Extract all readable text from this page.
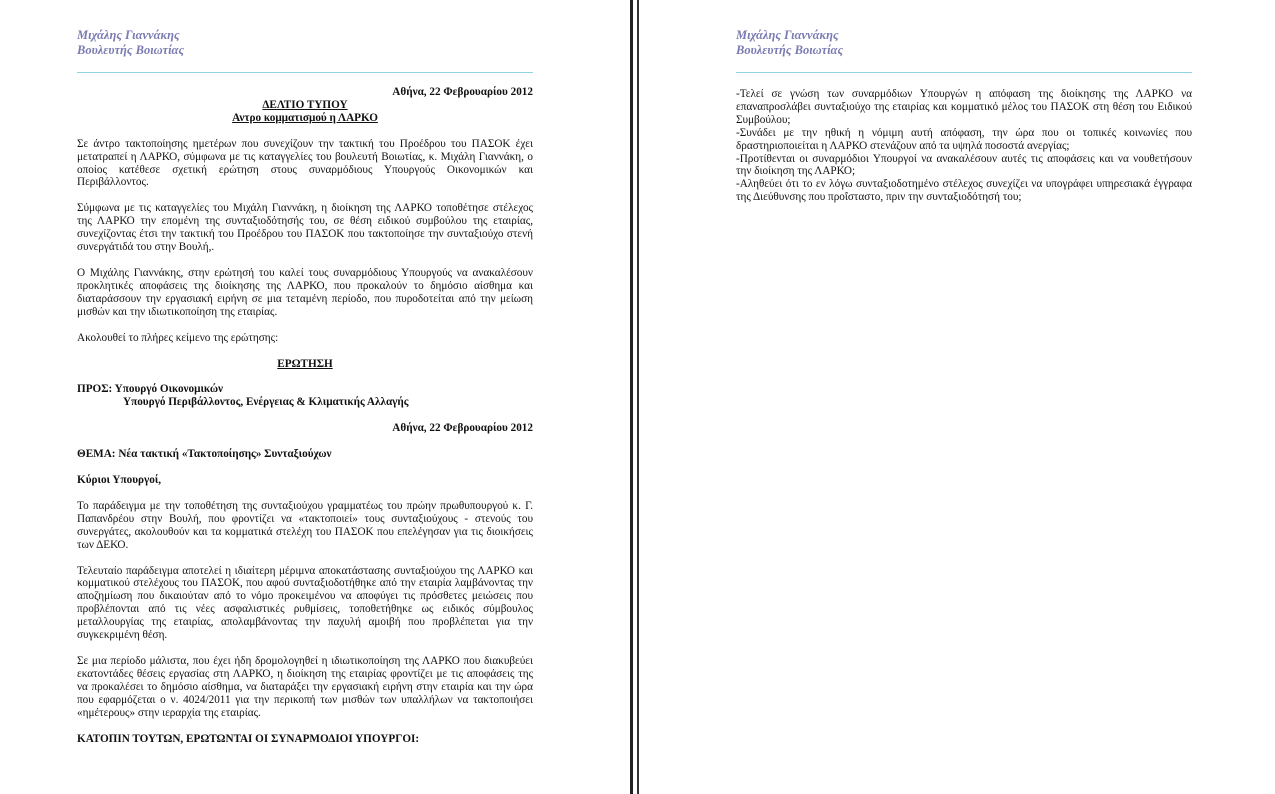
Μιχάλης Γιαννάκης
Βουλευτής Βοιωτίας

Αθήνα, 22 Φεβρουαρίου 2012

ΔΕΛΤΙΟ ΤΥΠΟΥ

Αντρο κομματισμού η ΛΑΡΚΟ

Σε άντρο τακτοποίησης ημετέρων που συνεχίζουν την τακτική του Προέδρου του ΠΑΣΟΚ έχει μετατραπεί η ΛΑΡΚΟ, σύμφωνα με τις καταγγελίες του βουλευτή Βοιωτίας, κ. Μιχάλη Γιαννάκη, ο οποίος κατέθεσε σχετική ερώτηση στους συναρμόδιους Υπουργούς Οικονομικών και Περιβάλλοντος.

Σύμφωνα με τις καταγγελίες του Μιχάλη Γιαννάκη, η διοίκηση της ΛΑΡΚΟ τοποθέτησε στέλεχος της ΛΑΡΚΟ την επομένη της συνταξιοδότησής του, σε θέση ειδικού συμβούλου της εταιρίας, συνεχίζοντας έτσι την τακτική του Προέδρου του ΠΑΣΟΚ που τακτοποίησε την συνταξιούχο στενή συνεργάτιδά του στην Βουλή,.

Ο Μιχάλης Γιαννάκης, στην ερώτησή του καλεί τους συναρμόδιους Υπουργούς να ανακαλέσουν προκλητικές αποφάσεις της διοίκησης της ΛΑΡΚΟ, που προκαλούν το δημόσιο αίσθημα και διαταράσσουν την εργασιακή ειρήνη σε μια τεταμένη περίοδο, που πυροδοτείται από την μείωση μισθών και την ιδιωτικοποίηση της εταιρίας.

Ακολουθεί το πλήρες κείμενο της ερώτησης:

ΕΡΩΤΗΣΗ

ΠΡΟΣ: Υπουργό Οικονομικών

Υπουργό Περιβάλλοντος, Ενέργειας & Κλιματικής Αλλαγής

Αθήνα, 22 Φεβρουαρίου 2012

ΘΕΜΑ: Νέα τακτική «Τακτοποίησης» Συνταξιούχων

Κύριοι Υπουργοί,

Το παράδειγμα με την τοποθέτηση της συνταξιούχου γραμματέως του πρώην πρωθυπουργού κ. Γ. Παπανδρέου στην Βουλή, που φροντίζει να «τακτοποιεί» τους συνταξιούχους - στενούς του συνεργάτες, ακολουθούν και τα κομματικά στελέχη του ΠΑΣΟΚ που επελέγησαν για τις διοικήσεις των ΔΕΚΟ.

Τελευταίο παράδειγμα αποτελεί η ιδιαίτερη μέριμνα αποκατάστασης συνταξιούχου της ΛΑΡΚΟ και κομματικού στελέχους του ΠΑΣΟΚ, που αφού συνταξιοδοτήθηκε από την εταιρία λαμβάνοντας την αποζημίωση που δικαιούταν από το νόμο προκειμένου να αποφύγει τις πρόσθετες μειώσεις που προβλέπονται από τις νέες ασφαλιστικές ρυθμίσεις, τοποθετήθηκε ως ειδικός σύμβουλος μεταλλουργίας της εταιρίας, απολαμβάνοντας την παχυλή αμοιβή που προβλέπεται για την συγκεκριμένη θέση.

Σε μια περίοδο μάλιστα, που έχει ήδη δρομολογηθεί η ιδιωτικοποίηση της ΛΑΡΚΟ που διακυβεύει εκατοντάδες θέσεις εργασίας στη ΛΑΡΚΟ, η διοίκηση της εταιρίας φροντίζει με τις αποφάσεις της να προκαλέσει το δημόσιο αίσθημα, να διαταράξει την εργασιακή ειρήνη στην εταιρία και την ώρα που εφαρμόζεται ο ν. 4024/2011 για την περικοπή των μισθών των υπαλλήλων να τακτοποιήσει «ημέτερους» στην ιεραρχία της εταιρίας.

ΚΑΤΟΠΙΝ ΤΟΥΤΩΝ, ΕΡΩΤΩΝΤΑΙ ΟΙ ΣΥΝΑΡΜΟΔΙΟΙ ΥΠΟΥΡΓΟΙ:

Μιχάλης Γιαννάκης
Βουλευτής Βοιωτίας

-Τελεί σε γνώση των συναρμόδιων Υπουργών η απόφαση της διοίκησης της ΛΑΡΚΟ να επαναπροσλάβει συνταξιούχο της εταιρίας και κομματικό μέλος του ΠΑΣΟΚ στη θέση του Ειδικού Συμβούλου;

-Συνάδει με την ηθική η νόμιμη αυτή απόφαση, την ώρα που οι τοπικές κοινωνίες που δραστηριοποιείται η ΛΑΡΚΟ στενάζουν από τα υψηλά ποσοστά ανεργίας;

-Προτίθενται οι συναρμόδιοι Υπουργοί να ανακαλέσουν αυτές τις αποφάσεις και να νουθετήσουν την διοίκηση της ΛΑΡΚΟ;

-Αληθεύει ότι το εν λόγω συνταξιοδοτημένο στέλεχος συνεχίζει να υπογράφει υπηρεσιακά έγγραφα της Διεύθυνσης που προΐσταστο, πριν την συνταξιοδότησή του;
